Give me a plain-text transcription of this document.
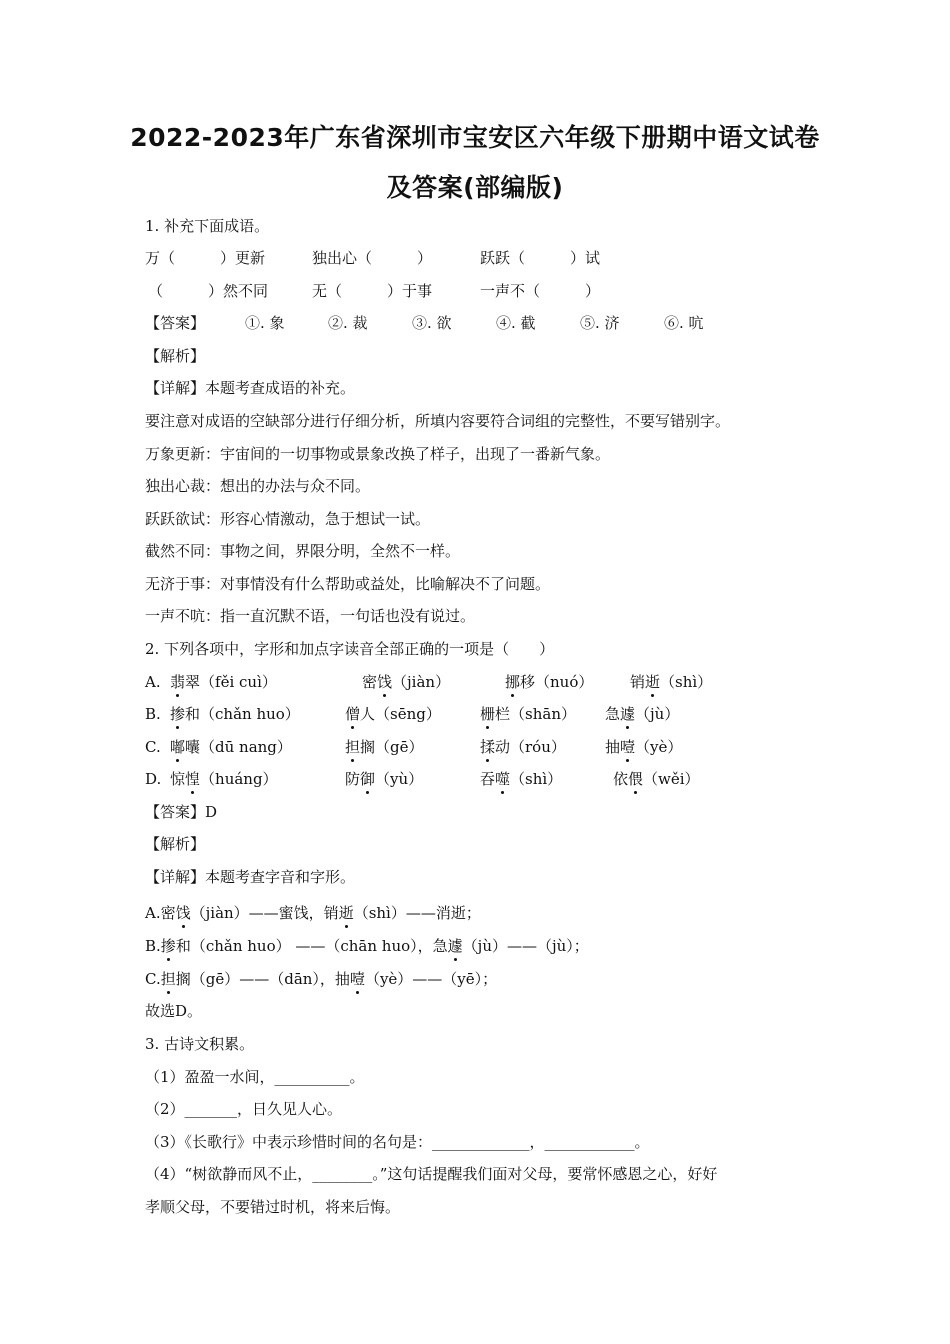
2022-2023年广东省深圳市宝安区六年级下册期中语文试卷
及答案(部编版)
1. 补充下面成语。
万（　　　）更新	独出心（　　　）	跃跃（　　　）试
（　　　）然不同	无（　　　）于事	一声不（　　　）
【答案】	①. 象	②. 裁	③. 欲	④. 截	⑤. 济	⑥. 吭
【解析】
【详解】本题考查成语的补充。
要注意对成语的空缺部分进行仔细分析，所填内容要符合词组的完整性，不要写错别字。
万象更新：宇宙间的一切事物或景象改换了样子，出现了一番新气象。
独出心裁：想出的办法与众不同。
跃跃欲试：形容心情激动，急于想试一试。
截然不同：事物之间，界限分明，全然不一样。
无济于事：对事情没有什么帮助或益处，比喻解决不了问题。
一声不吭：指一直沉默不语，一句话也没有说过。
2. 下列各项中，字形和加点字读音全部正确的一项是（　　）
A. 翡翠（fěi cuì）	密饯（jiàn）	挪移（nuó） 销逝（shì）
B. 掺和（chǎn huo）	僧人（sēng）	栅栏（shān） 急遽（jù）
C. 嘟囔（dū nang）	担搁（gē）	揉动（róu）	抽噎（yè）
D. 惊惶（huáng）	防御（yù）	吞噬（shì）	依偎（wěi）
【答案】D
【解析】
【详解】本题考查字音和字形。
A.密饯（jiàn）——蜜饯，销逝（shì）——消逝；
B.掺和（chǎn huo） ——（chān huo），急遽（jù）——（jù）；
C.担搁（gē）——（dān），抽噎（yè）——（yē）；
故选D。
3. 古诗文积累。
（1）盈盈一水间，__________。
（2）_______，日久见人心。
（3）《长歌行》中表示珍惜时间的名句是：_____________，____________。
（4）“树欲静而风不止，________。”这句话提醒我们面对父母，要常怀感恩之心，好好
孝顺父母，不要错过时机，将来后悔。
